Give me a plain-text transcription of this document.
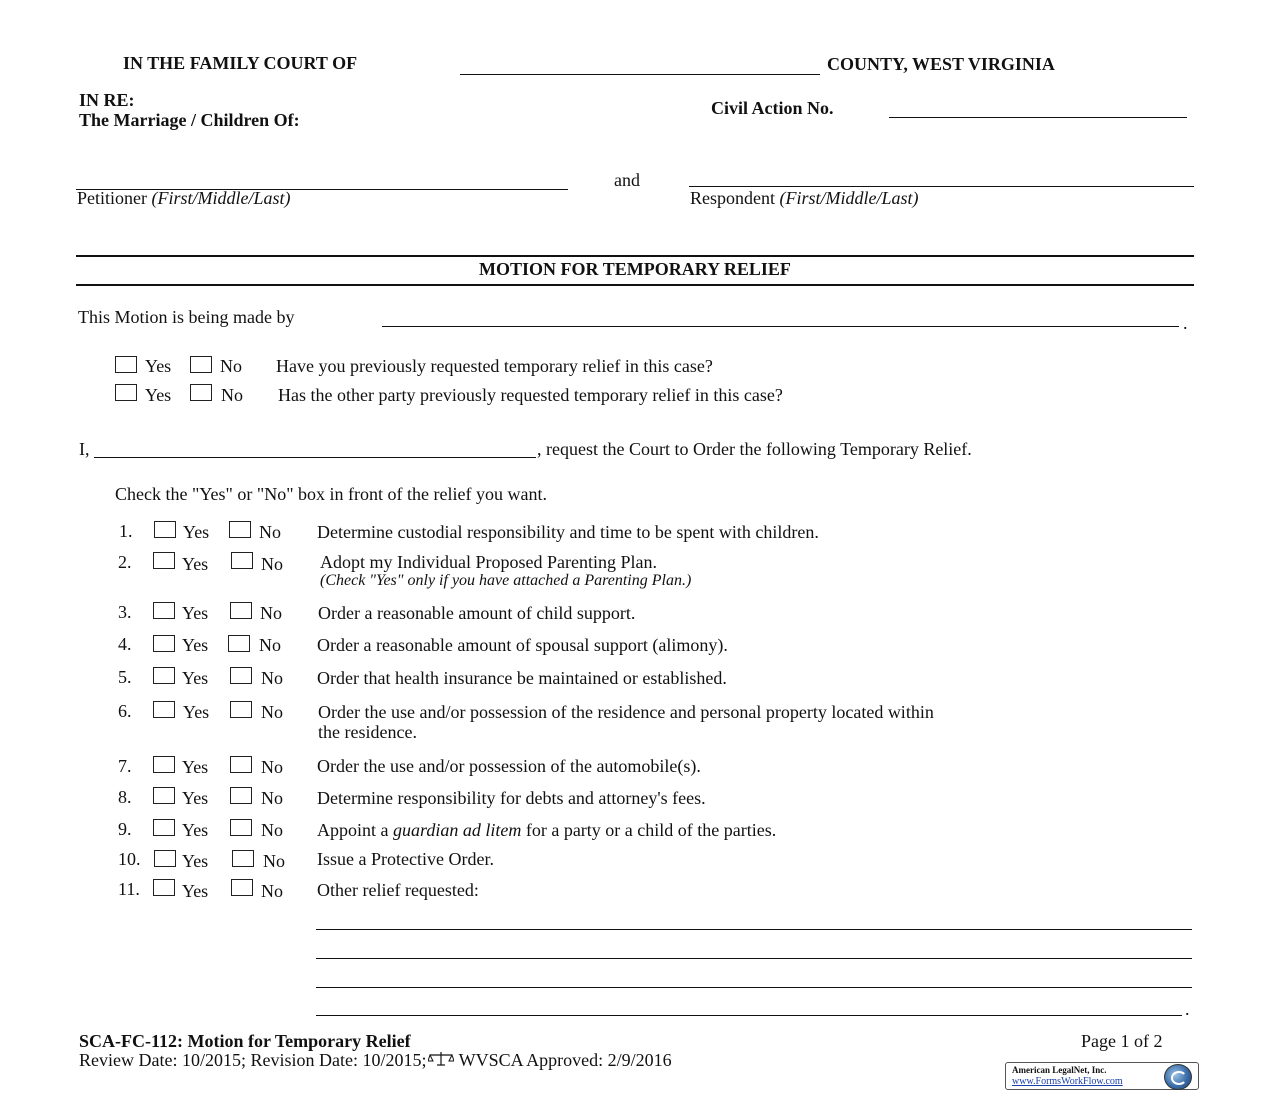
IN THE FAMILY COURT OF	COUNTY, WEST VIRGINIA
IN RE:
The Marriage / Children Of:
Civil Action No.
and
Petitioner (First/Middle/Last)	Respondent (First/Middle/Last)
MOTION FOR TEMPORARY RELIEF
This Motion is being made by	.
Yes	No Have you previously requested temporary relief in this case?
Yes	No Has the other party previously requested temporary relief in this case?
I,	, request the Court to Order the following Temporary Relief.
Check the "Yes" or "No" box in front of the relief you want.
1.	Yes	No Determine custodial responsibility and time to be spent with children.
2.	Yes	No Adopt my Individual Proposed Parenting Plan.
(Check "Yes" only if you have attached a Parenting Plan.)
3.	Yes	No Order a reasonable amount of child support.
4.	Yes	No Order a reasonable amount of spousal support (alimony).
5.	Yes	No Order that health insurance be maintained or established.
6.	Yes	No Order the use and/or possession of the residence and personal property located within
the residence.
7.	Yes	No Order the use and/or possession of the automobile(s).
8.	Yes	No Determine responsibility for debts and attorney's fees.
9.	Yes	No Appoint a guardian ad litem for a party or a child of the parties.
10. Yes	No Issue a Protective Order.
11. Yes	No Other relief requested:
.
SCA-FC-112: Motion for Temporary Relief	Page 1 of 2
Review Date: 10/2015; Revision Date: 10/2015; WVSCA Approved: 2/9/2016	American LegalNet, Inc.
www.FormsWorkFlow.com
